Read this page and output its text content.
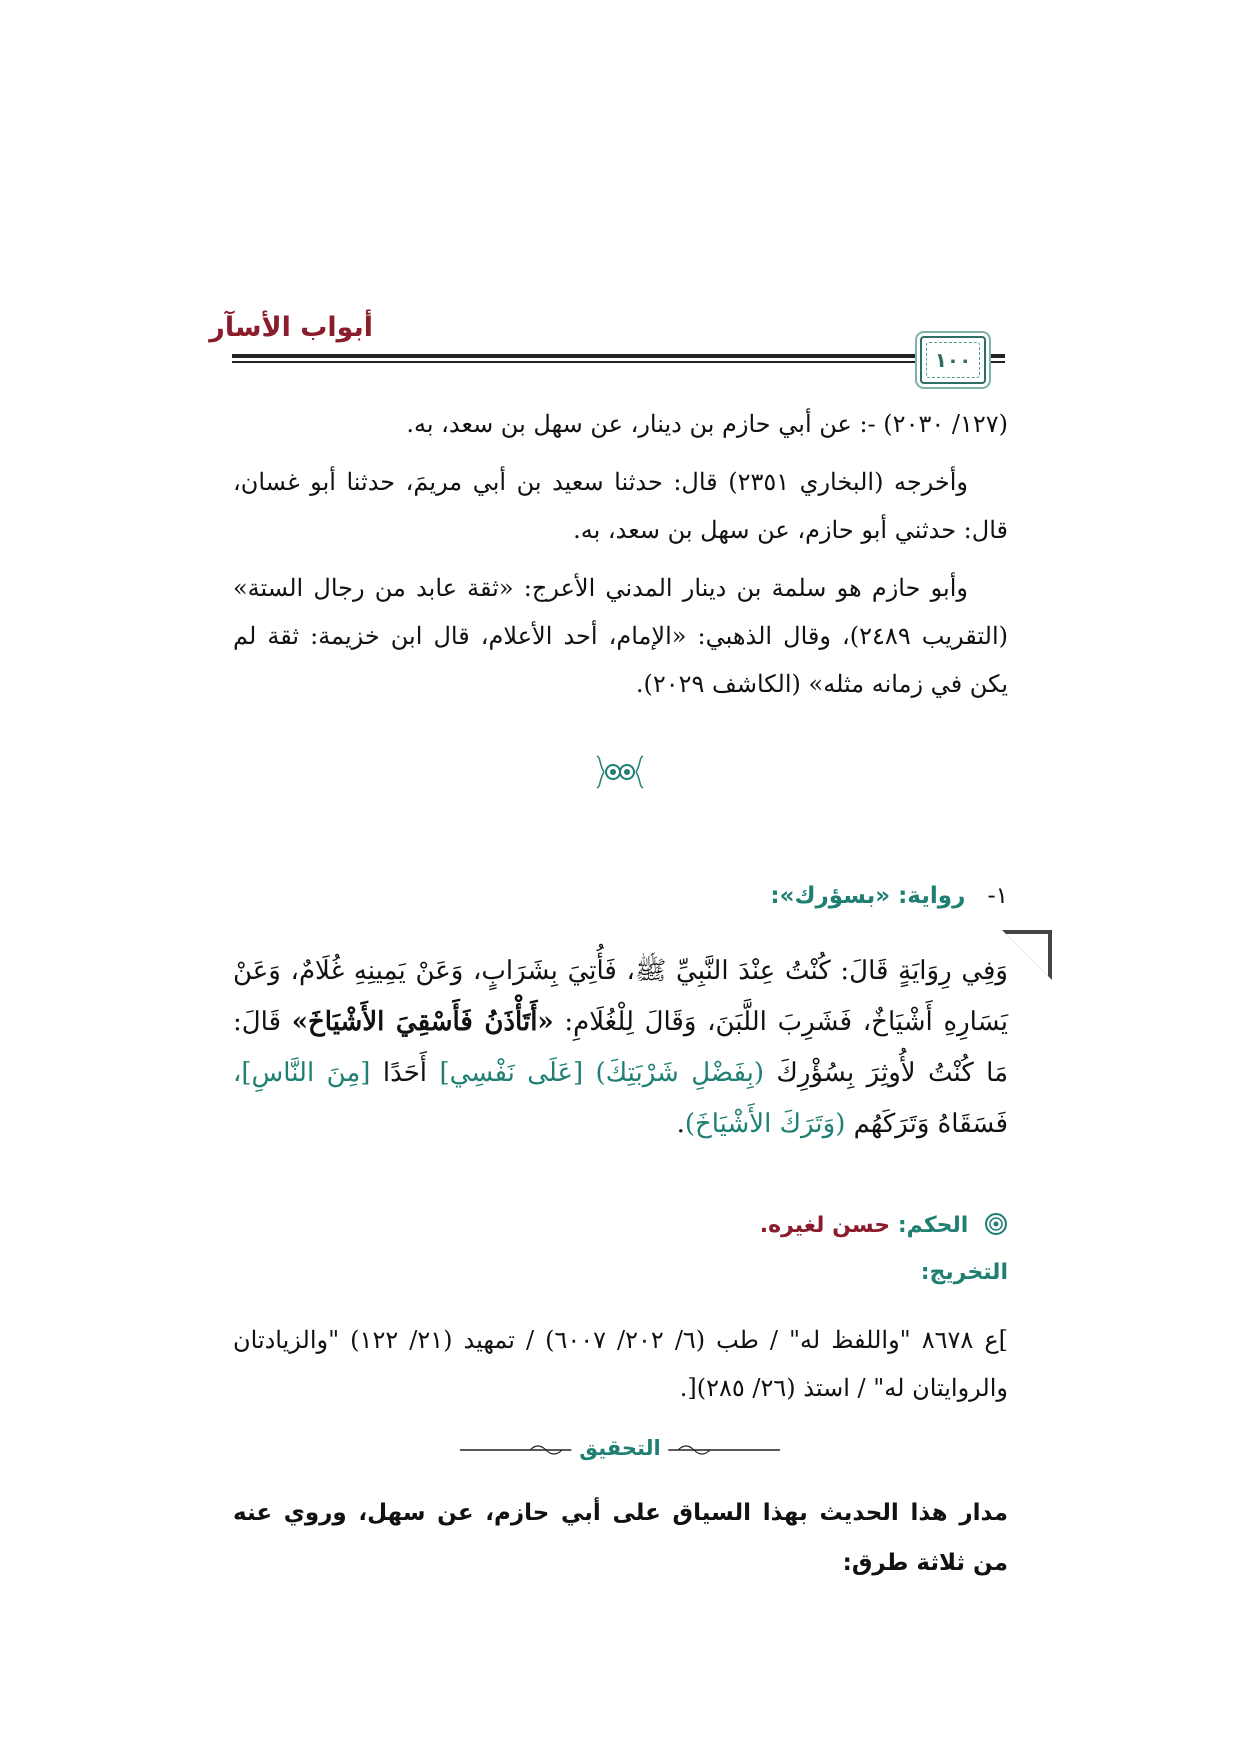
أبواب الأسآر
١٠٠

(١٢٧/ ٢٠٣٠) -: عن أبي حازم بن دينار، عن سهل بن سعد، به.

وأخرجه (البخاري ٢٣٥١) قال: حدثنا سعيد بن أبي مريمَ، حدثنا أبو غسان، قال: حدثني أبو حازم، عن سهل بن سعد، به.

وأبو حازم هو سلمة بن دينار المدني الأعرج: «ثقة عابد من رجال الستة» (التقريب ٢٤٨٩)، وقال الذهبي: «الإمام، أحد الأعلام، قال ابن خزيمة: ثقة لم يكن في زمانه مثله» (الكاشف ٢٠٢٩).

١- رواية: «بسؤرك»:
وَفِي رِوَايَةٍ قَالَ: كُنْتُ عِنْدَ النَّبِيِّ ﷺ، فَأُتِيَ بِشَرَابٍ، وَعَنْ يَمِينِهِ غُلَامٌ، وَعَنْ يَسَارِهِ أَشْيَاخٌ، فَشَرِبَ اللَّبَنَ، وَقَالَ لِلْغُلَامِ: «أَتَأْذَنُ فَأَسْقِيَ الأَشْيَاخَ» قَالَ: مَا كُنْتُ لأُوثِرَ بِسُؤْرِكَ (بِفَضْلِ شَرْبَتِكَ) [عَلَى نَفْسِي] أَحَدًا [مِنَ النَّاسِ]، فَسَقَاهُ وَتَرَكَهُم (وَتَرَكَ الأَشْيَاخَ).
الحكم: حسن لغيره.
التخريج:

]ع ٨٦٧٨ "واللفظ له" / طب (٦/ ٢٠٢/ ٦٠٠٧) / تمهيد (٢١/ ١٢٢) "والزيادتان والروايتان له" / استذ (٢٦/ ٢٨٥)[.

التحقيق

مدار هذا الحديث بهذا السياق على أبي حازم، عن سهل، وروي عنه من ثلاثة طرق:
